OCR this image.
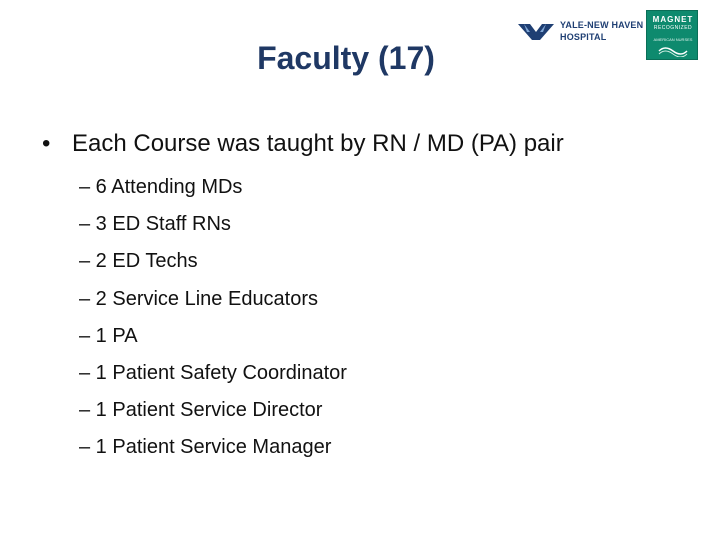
Faculty (17)
YALE-NEW HAVEN
HOSPITAL
MAGNET
RECOGNIZED
AMERICAN NURSES
• Each Course was taught by RN / MD (PA) pair
– 6 Attending MDs
– 3 ED Staff RNs
– 2 ED Techs
– 2 Service Line Educators
– 1 PA
– 1 Patient Safety Coordinator
– 1 Patient Service Director
– 1 Patient Service Manager
